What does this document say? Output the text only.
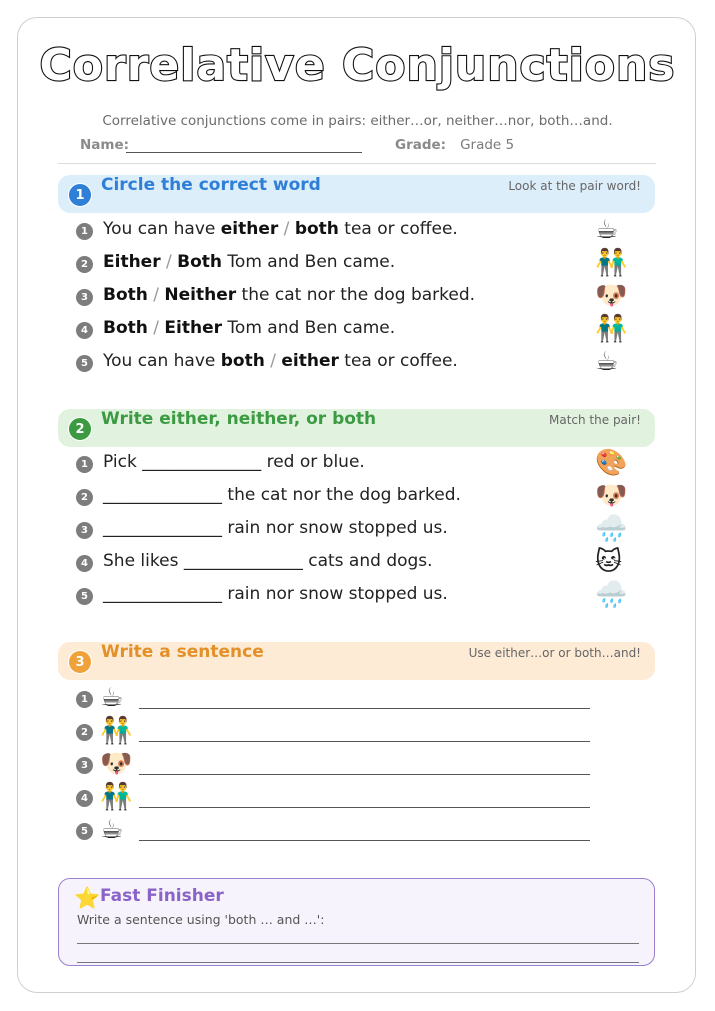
Correlative Conjunctions
Correlative conjunctions come in pairs: either…or, neither…nor, both…and.
Name:	Grade: Grade 5
1
Circle the correct word	Look at the pair word!
1 You can have either / both tea or coffee.	☕
2 Either / Both Tom and Ben came.	👬
3 Both / Neither the cat nor the dog barked.	🐶
4 Both / Either Tom and Ben came.	👬
5 You can have both / either tea or coffee.	☕
2
Write either, neither, or both	Match the pair!
1 Pick ______________ red or blue.	🎨
2 ______________ the cat nor the dog barked.	🐶
3 ______________ rain nor snow stopped us.	🌧️
4 She likes ______________ cats and dogs.	🐱
5 ______________ rain nor snow stopped us.	🌧️
3
Write a sentence	Use either…or or both…and!
1 ☕
2 👬
3 🐶
4 👬
5 ☕
⭐ Fast Finisher
Write a sentence using 'both … and …':
